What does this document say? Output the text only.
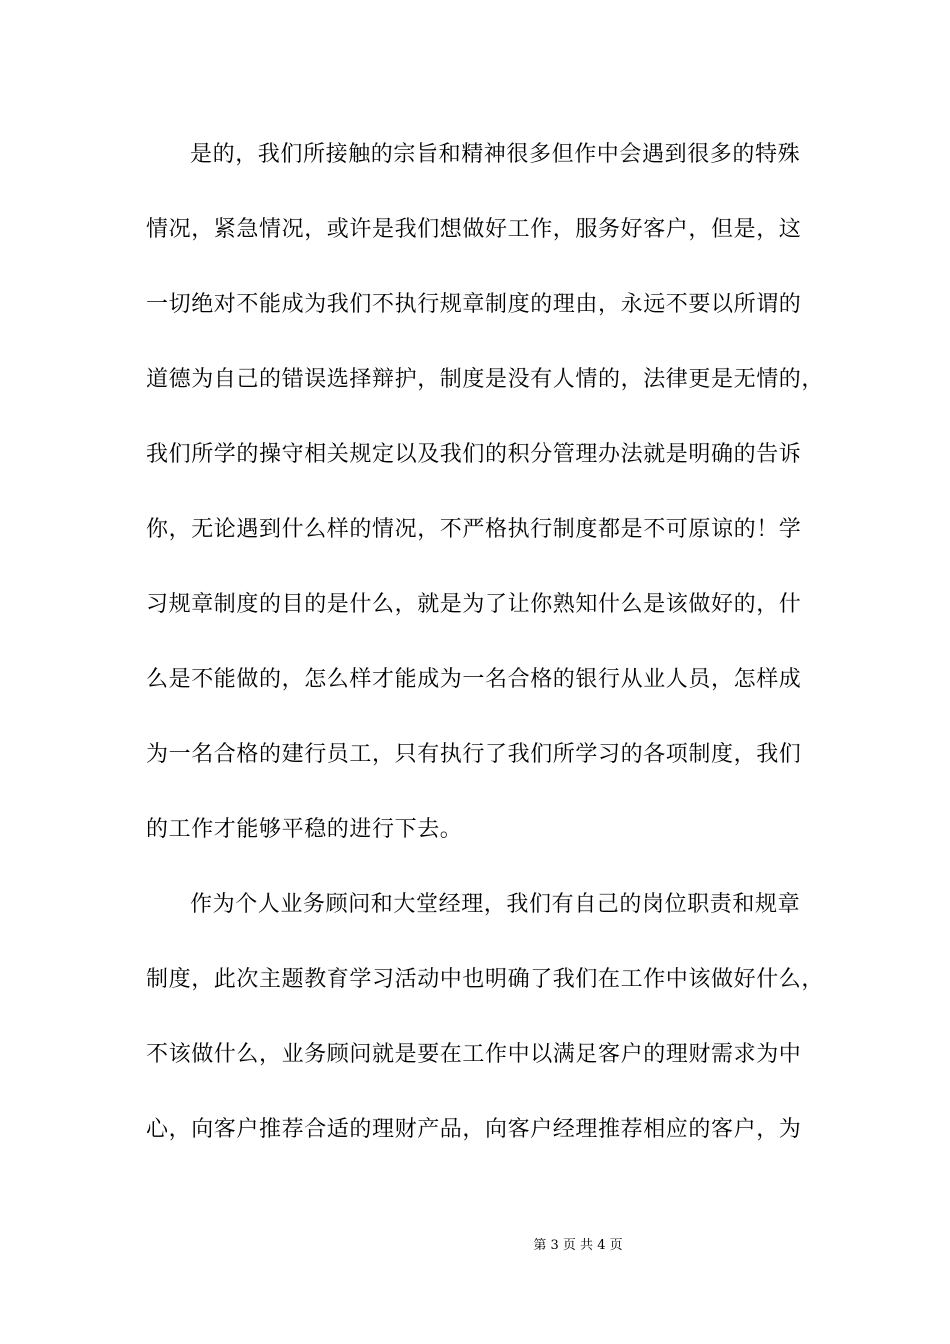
是的，我们所接触的宗旨和精神很多但作中会遇到很多的特殊
情况，紧急情况，或许是我们想做好工作，服务好客户，但是，这
一切绝对不能成为我们不执行规章制度的理由，永远不要以所谓的
道德为自己的错误选择辩护，制度是没有人情的，法律更是无情的，
我们所学的操守相关规定以及我们的积分管理办法就是明确的告诉
你，无论遇到什么样的情况，不严格执行制度都是不可原谅的！学
习规章制度的目的是什么，就是为了让你熟知什么是该做好的，什
么是不能做的，怎么样才能成为一名合格的银行从业人员，怎样成
为一名合格的建行员工，只有执行了我们所学习的各项制度，我们
的工作才能够平稳的进行下去。
作为个人业务顾问和大堂经理，我们有自己的岗位职责和规章
制度，此次主题教育学习活动中也明确了我们在工作中该做好什么，
不该做什么，业务顾问就是要在工作中以满足客户的理财需求为中
心，向客户推荐合适的理财产品，向客户经理推荐相应的客户，为
第 3 页 共 4 页
